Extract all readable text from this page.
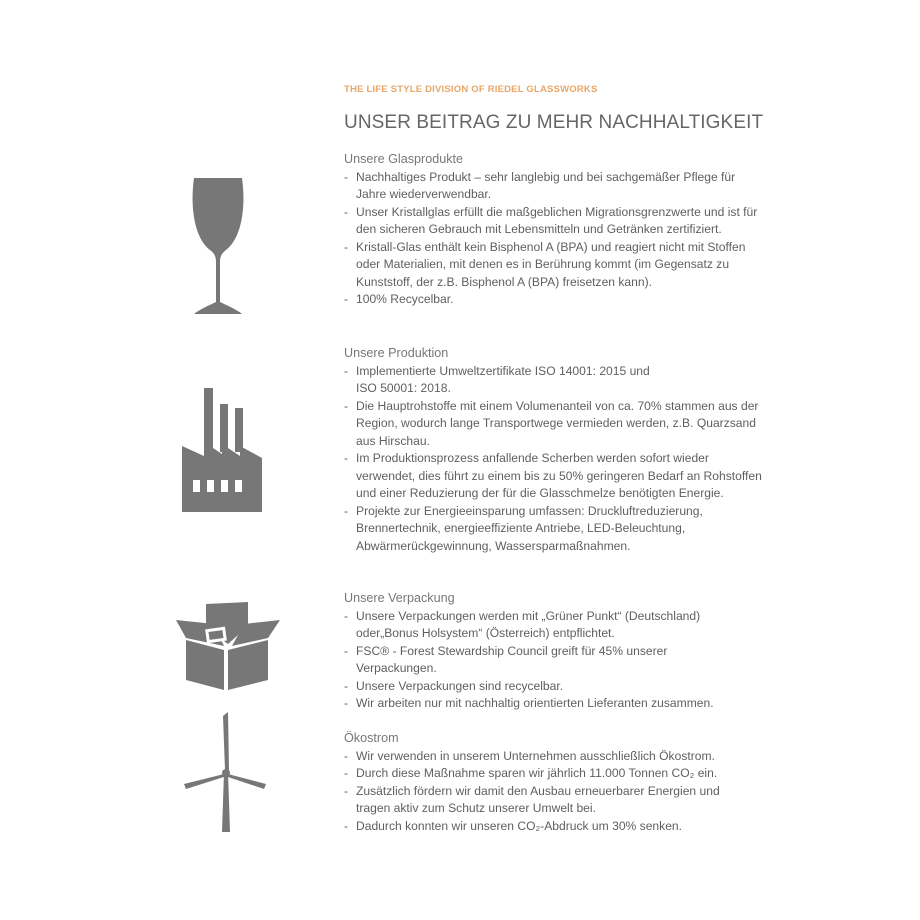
THE LIFE STYLE DIVISION OF RIEDEL GLASSWORKS
UNSER BEITRAG ZU MEHR NACHHALTIGKEIT
Unsere Glasprodukte
- Nachhaltiges Produkt – sehr langlebig und bei sachgemäßer Pflege für Jahre wiederverwendbar.
- Unser Kristallglas erfüllt die maßgeblichen Migrationsgrenzwerte und ist für den sicheren Gebrauch mit Lebensmitteln und Getränken zertifiziert.
- Kristall-Glas enthält kein Bisphenol A (BPA) und reagiert nicht mit Stoffen oder Materialien, mit denen es in Berührung kommt (im Gegensatz zu Kunststoff, der z.B. Bisphenol A (BPA) freisetzen kann).
- 100% Recycelbar.
Unsere Produktion
- Implementierte Umweltzertifikate ISO 14001: 2015 und ISO 50001: 2018.
- Die Hauptrohstoffe mit einem Volumenanteil von ca. 70% stammen aus der Region, wodurch lange Transportwege vermieden werden, z.B. Quarzsand aus Hirschau.
- Im Produktionsprozess anfallende Scherben werden sofort wieder verwendet, dies führt zu einem bis zu 50% geringeren Bedarf an Rohstoffen und einer Reduzierung der für die Glasschmelze benötigten Energie.
- Projekte zur Energieeinsparung umfassen: Druckluftreduzierung, Brennertechnik, energieeffiziente Antriebe, LED-Beleuchtung, Abwärmerückgewinnung, Wassersparmaßnahmen.
Unsere Verpackung
- Unsere Verpackungen werden mit „Grüner Punkt“ (Deutschland) oder„Bonus Holsystem“ (Österreich) entpflichtet.
- FSC® - Forest Stewardship Council greift für 45% unserer Verpackungen.
- Unsere Verpackungen sind recycelbar.
- Wir arbeiten nur mit nachhaltig orientierten Lieferanten zusammen.
Ökostrom
- Wir verwenden in unserem Unternehmen ausschließlich Ökostrom.
- Durch diese Maßnahme sparen wir jährlich 11.000 Tonnen CO₂ ein.
- Zusätzlich fördern wir damit den Ausbau erneuerbarer Energien und tragen aktiv zum Schutz unserer Umwelt bei.
- Dadurch konnten wir unseren CO₂-Abdruck um 30% senken.
